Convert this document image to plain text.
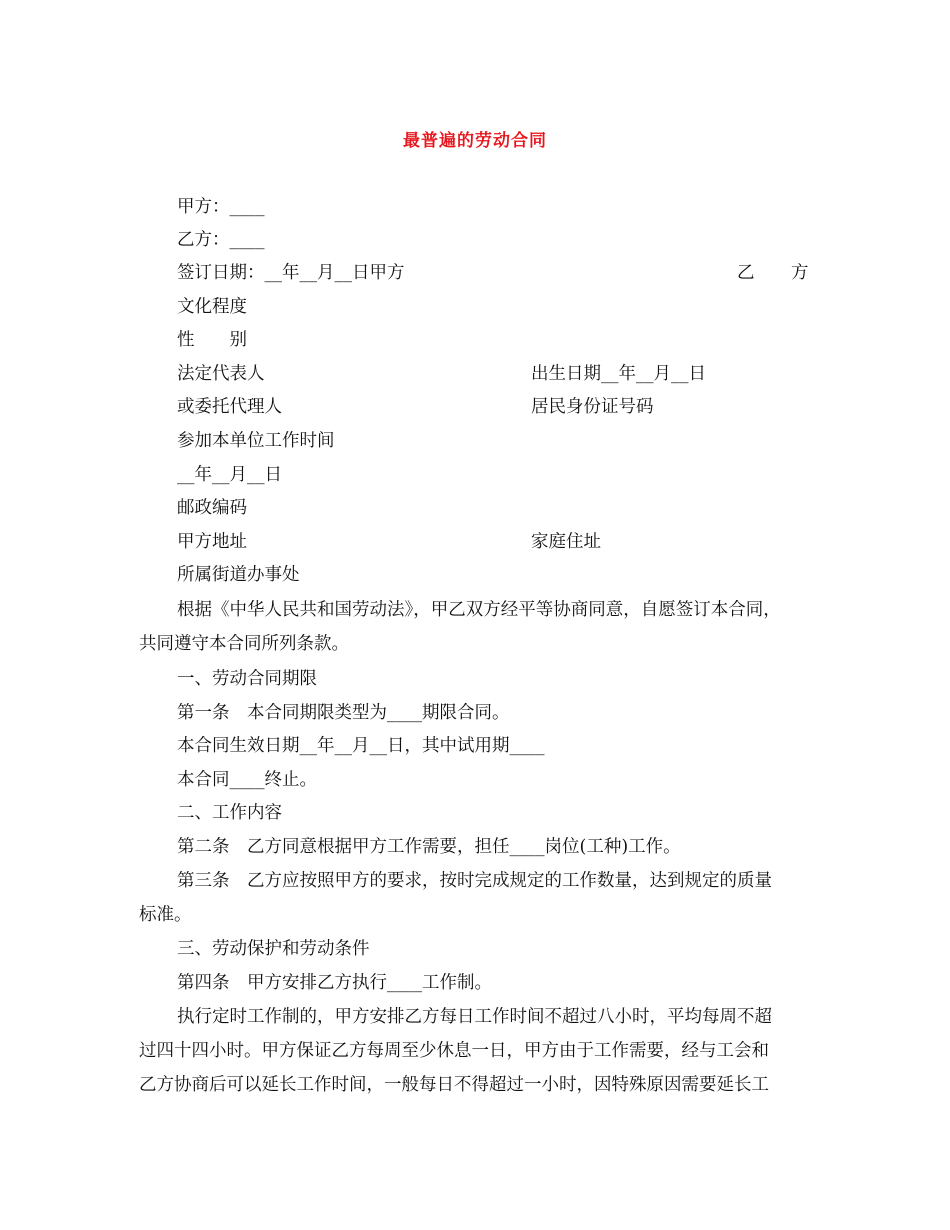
最普遍的劳动合同
甲方：____
乙方：____
签订日期：__年__月__日甲方	乙 方
文化程度
性　　别
法定代表人	出生日期__年__月__日
或委托代理人	居民身份证号码
参加本单位工作时间
__年__月__日
邮政编码
甲方地址	家庭住址
所属街道办事处
根据《中华人民共和国劳动法》，甲乙双方经平等协商同意，自愿签订本合同，
共同遵守本合同所列条款。
一、劳动合同期限
第一条　本合同期限类型为____期限合同。
本合同生效日期__年__月__日，其中试用期____
本合同____终止。
二、工作内容
第二条　乙方同意根据甲方工作需要，担任____岗位(工种)工作。
第三条　乙方应按照甲方的要求，按时完成规定的工作数量，达到规定的质量
标准。
三、劳动保护和劳动条件
第四条　甲方安排乙方执行____工作制。
执行定时工作制的，甲方安排乙方每日工作时间不超过八小时，平均每周不超
过四十四小时。甲方保证乙方每周至少休息一日，甲方由于工作需要，经与工会和
乙方协商后可以延长工作时间，一般每日不得超过一小时，因特殊原因需要延长工
